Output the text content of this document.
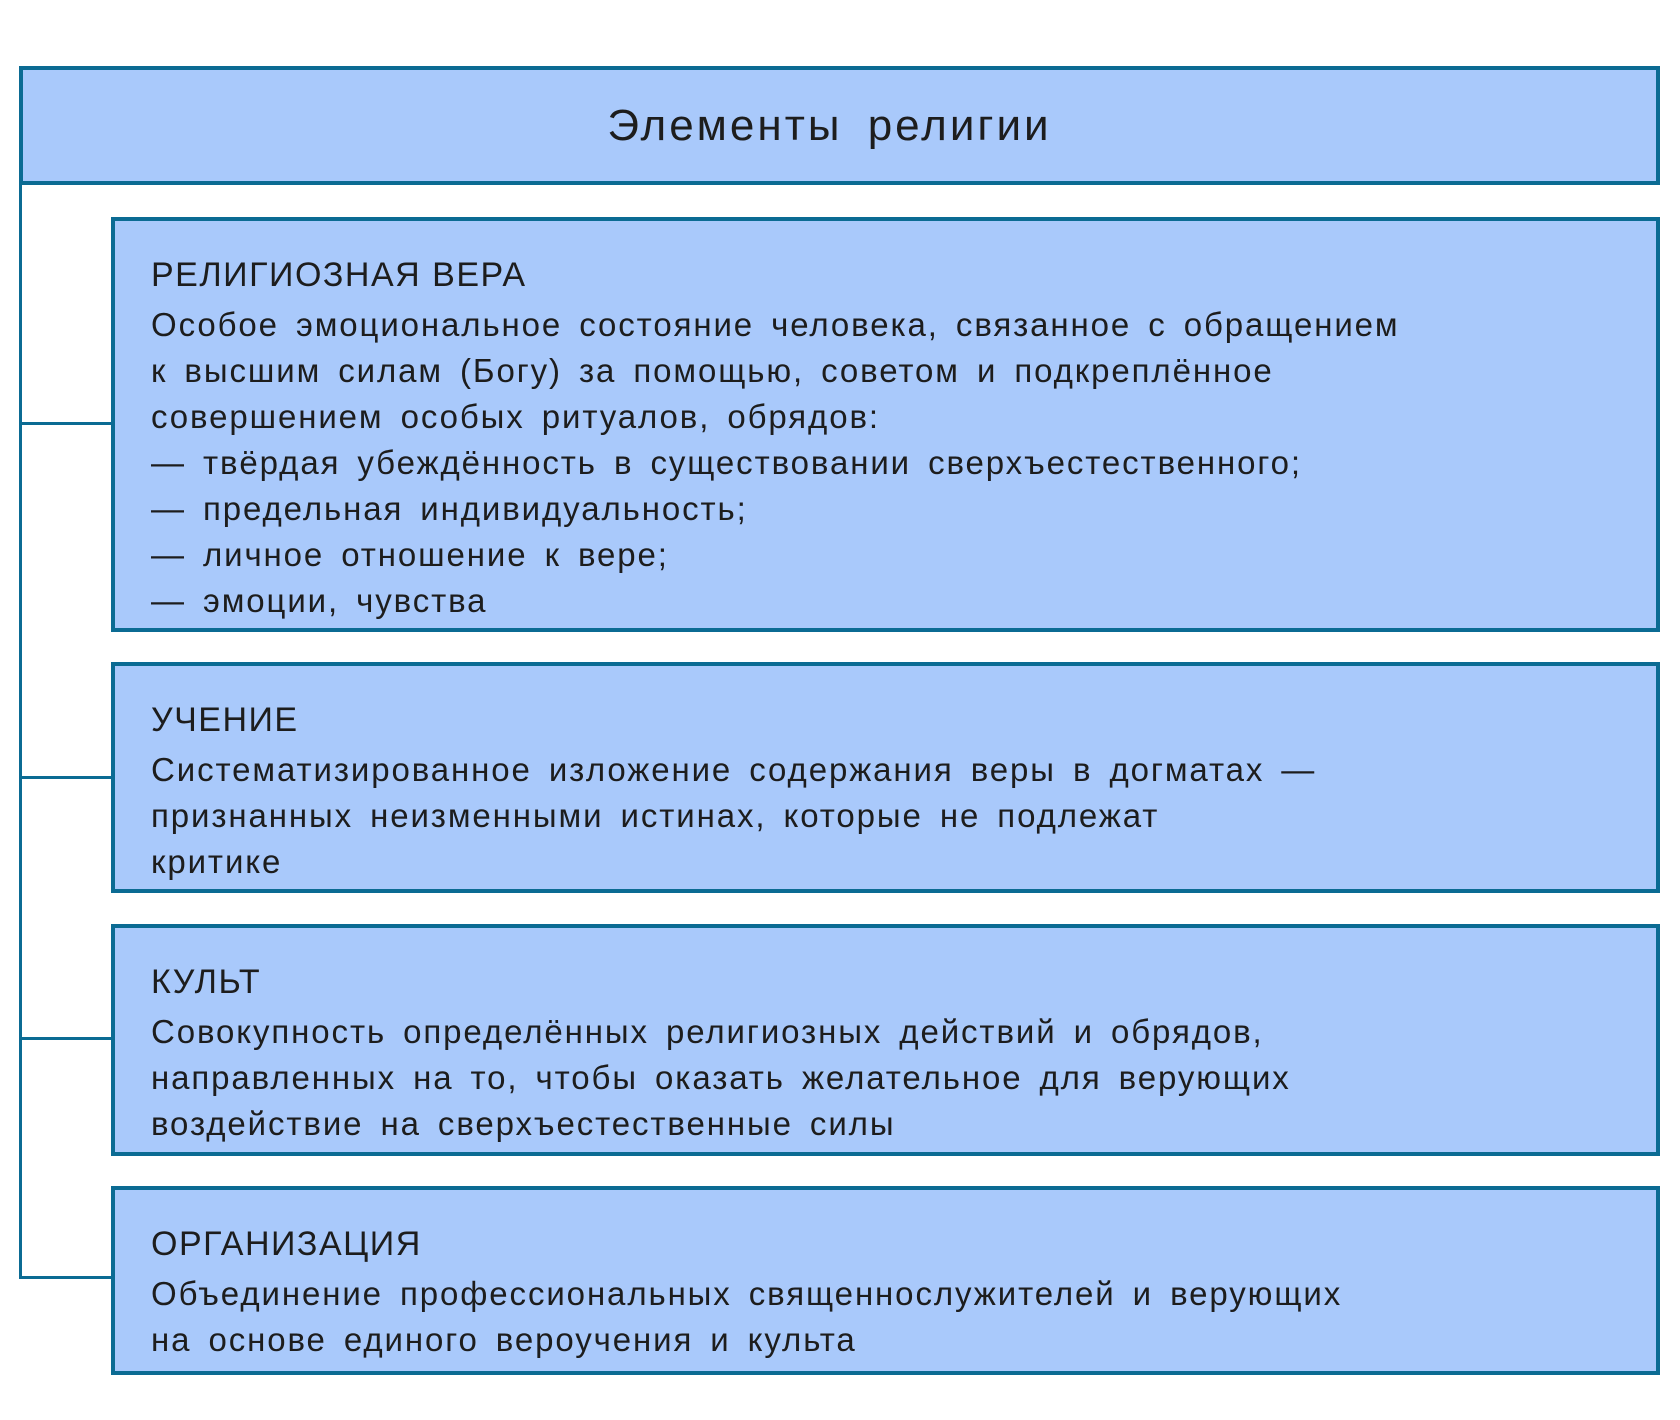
Элементы религии
РЕЛИГИОЗНАЯ ВЕРА
Особое эмоциональное состояние человека, связанное с обращением
к высшим силам (Богу) за помощью, советом и подкреплённое
совершением особых ритуалов, обрядов:
— твёрдая убеждённость в существовании сверхъестественного;
— предельная индивидуальность;
— личное отношение к вере;
— эмоции, чувства
УЧЕНИЕ
Систематизированное изложение содержания веры в догматах —
признанных неизменными истинах, которые не подлежат
критике
КУЛЬТ
Совокупность определённых религиозных действий и обрядов,
направленных на то, чтобы оказать желательное для верующих
воздействие на сверхъестественные силы
ОРГАНИЗАЦИЯ
Объединение профессиональных священнослужителей и верующих
на основе единого вероучения и культа
